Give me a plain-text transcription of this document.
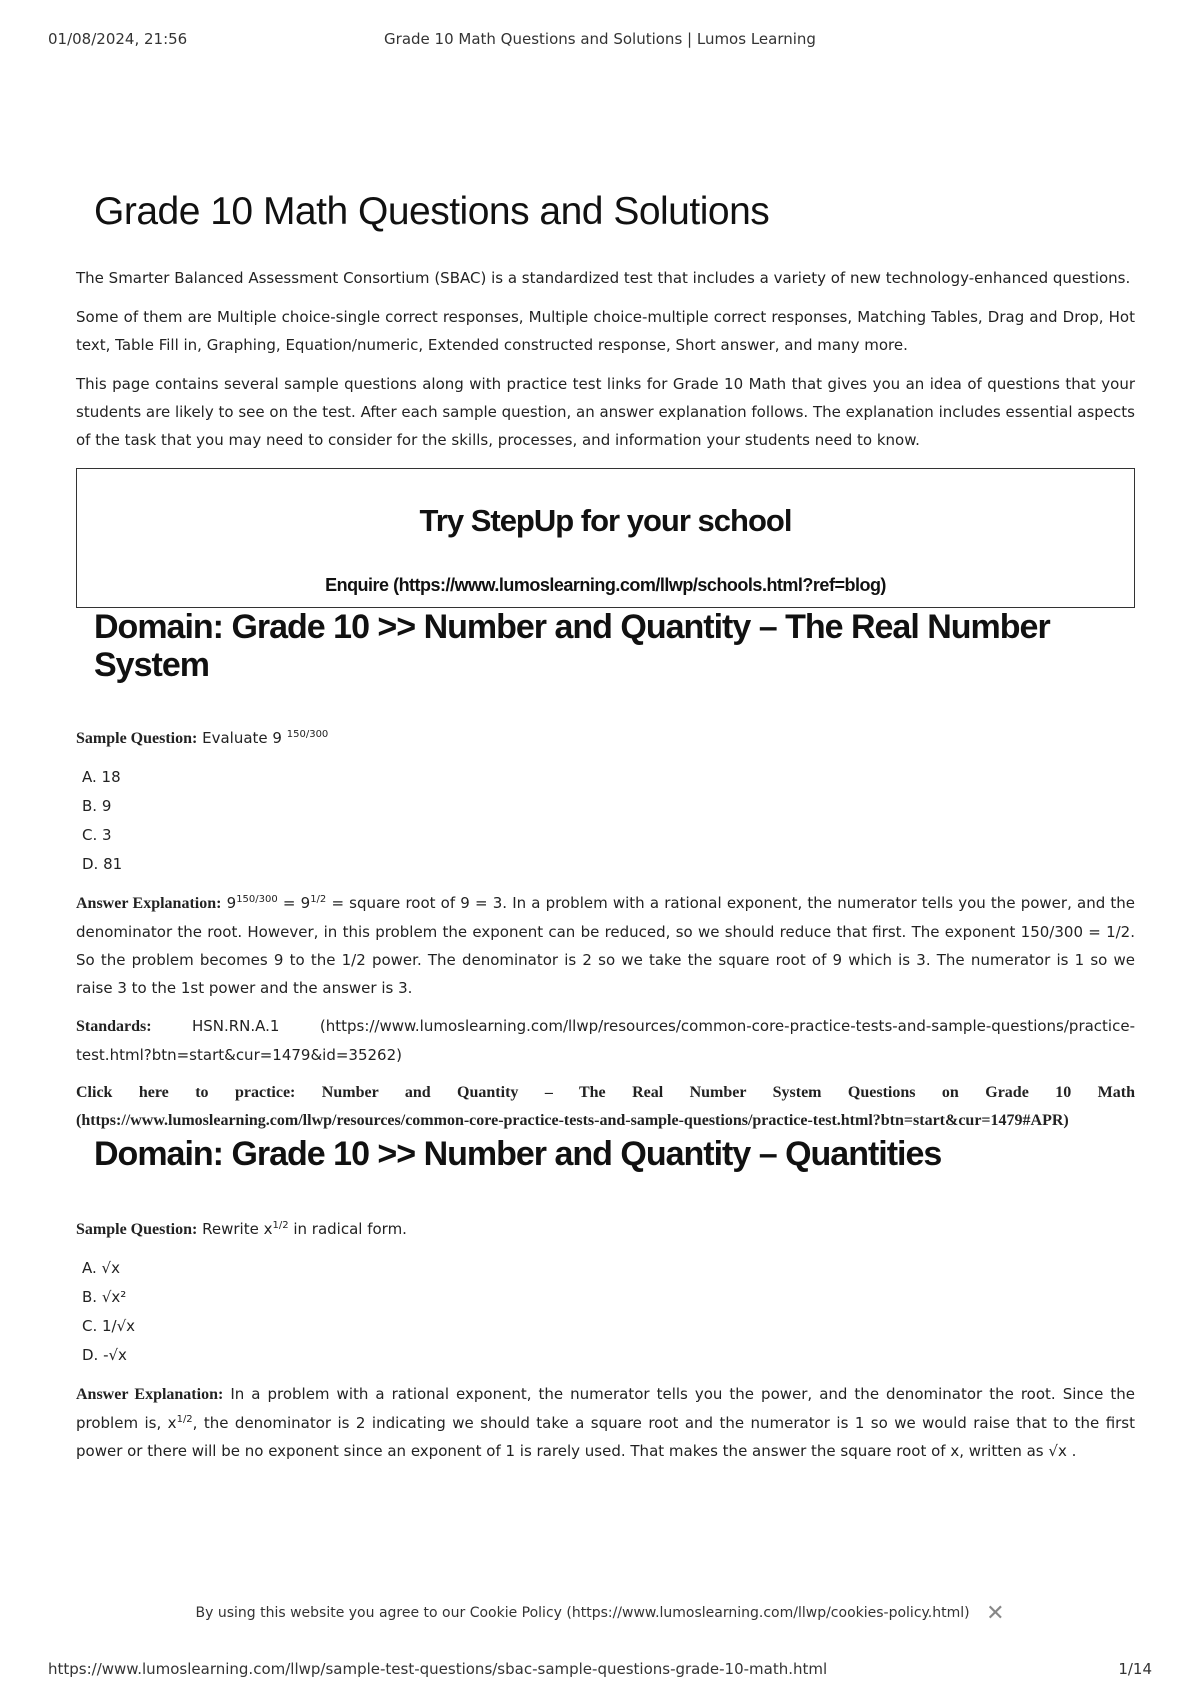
01/08/2024, 21:56	Grade 10 Math Questions and Solutions | Lumos Learning
Grade 10 Math Questions and Solutions

The Smarter Balanced Assessment Consortium (SBAC) is a standardized test that includes a variety of new technology-enhanced questions.

Some of them are Multiple choice-single correct responses, Multiple choice-multiple correct responses, Matching Tables, Drag and Drop, Hot text, Table Fill in, Graphing, Equation/numeric, Extended constructed response, Short answer, and many more.

This page contains several sample questions along with practice test links for Grade 10 Math that gives you an idea of questions that your students are likely to see on the test. After each sample question, an answer explanation follows. The explanation includes essential aspects of the task that you may need to consider for the skills, processes, and information your students need to know.

Try StepUp for your school
Enquire (https://www.lumoslearning.com/llwp/schools.html?ref=blog)
Domain: Grade 10 >> Number and Quantity – The Real Number System

Sample Question: Evaluate 9 $^{150/300}$

A. 18
B. 9
C. 3
D. 81

Answer Explanation: $9^{150/300} = 9^{1/2}$ = square root of 9 = 3. In a problem with a rational exponent, the numerator tells you the power, and the denominator the root. However, in this problem the exponent can be reduced, so we should reduce that first. The exponent 150/300 = 1/2. So the problem becomes 9 to the 1/2 power. The denominator is 2 so we take the square root of 9 which is 3. The numerator is 1 so we raise 3 to the 1st power and the answer is 3.

Standards:	HSN.RN.A.1 (https://www.lumoslearning.com/llwp/resources/common-core-practice-tests-and-sample-questions/practice-test.html?btn=start&cur=1479&id=35262)

Click here to practice: Number and Quantity – The Real Number System Questions on Grade 10 Math (https://www.lumoslearning.com/llwp/resources/common-core-practice-tests-and-sample-questions/practice-test.html?btn=start&cur=1479#APR)
Domain: Grade 10 >> Number and Quantity – Quantities

Sample Question: Rewrite $x^{1/2}$ in radical form.

A. √x
B. √x²
C. 1/√x
D. -√x

Answer Explanation: In a problem with a rational exponent, the numerator tells you the power, and the denominator the root. Since the problem is, $x^{1/2}$, the denominator is 2 indicating we should take a square root and the numerator is 1 so we would raise that to the first power or there will be no exponent since an exponent of 1 is rarely used. That makes the answer the square root of x, written as √x .

By using this website you agree to our Cookie Policy (https://www.lumoslearning.com/llwp/cookies-policy.html) ✕
https://www.lumoslearning.com/llwp/sample-test-questions/sbac-sample-questions-grade-10-math.html	1/14
